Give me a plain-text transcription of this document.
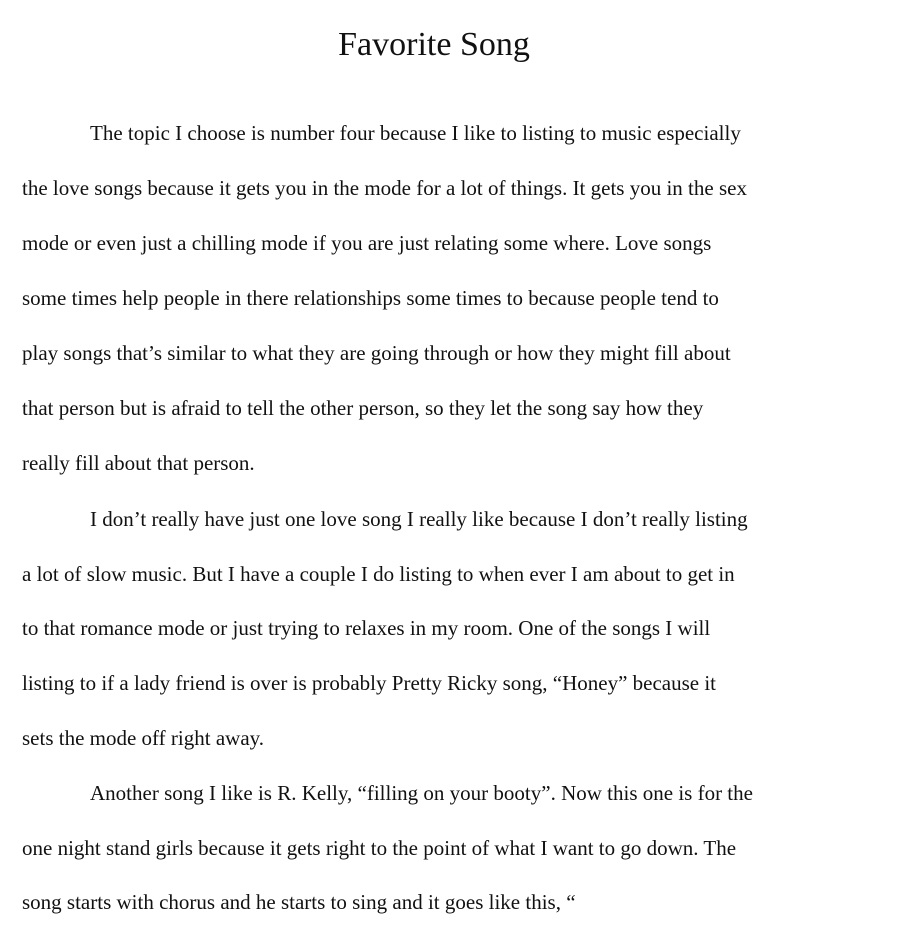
Favorite Song

The topic I choose is number four because I like to listing to music especially

the love songs because it gets you in the mode for a lot of things. It gets you in the sex

mode or even just a chilling mode if you are just relating some where. Love songs

some times help people in there relationships some times to because people tend to

play songs that’s similar to what they are going through or how they might fill about

that person but is afraid to tell the other person, so they let the song say how they

really fill about that person.

I don’t really have just one love song I really like because I don’t really listing

a lot of slow music. But I have a couple I do listing to when ever I am about to get in

to that romance mode or just trying to relaxes in my room. One of the songs I will

listing to if a lady friend is over is probably Pretty Ricky song, “Honey” because it

sets the mode off right away.

Another song I like is R. Kelly, “filling on your booty”. Now this one is for the

one night stand girls because it gets right to the point of what I want to go down. The

song starts with chorus and he starts to sing and it goes like this, “
